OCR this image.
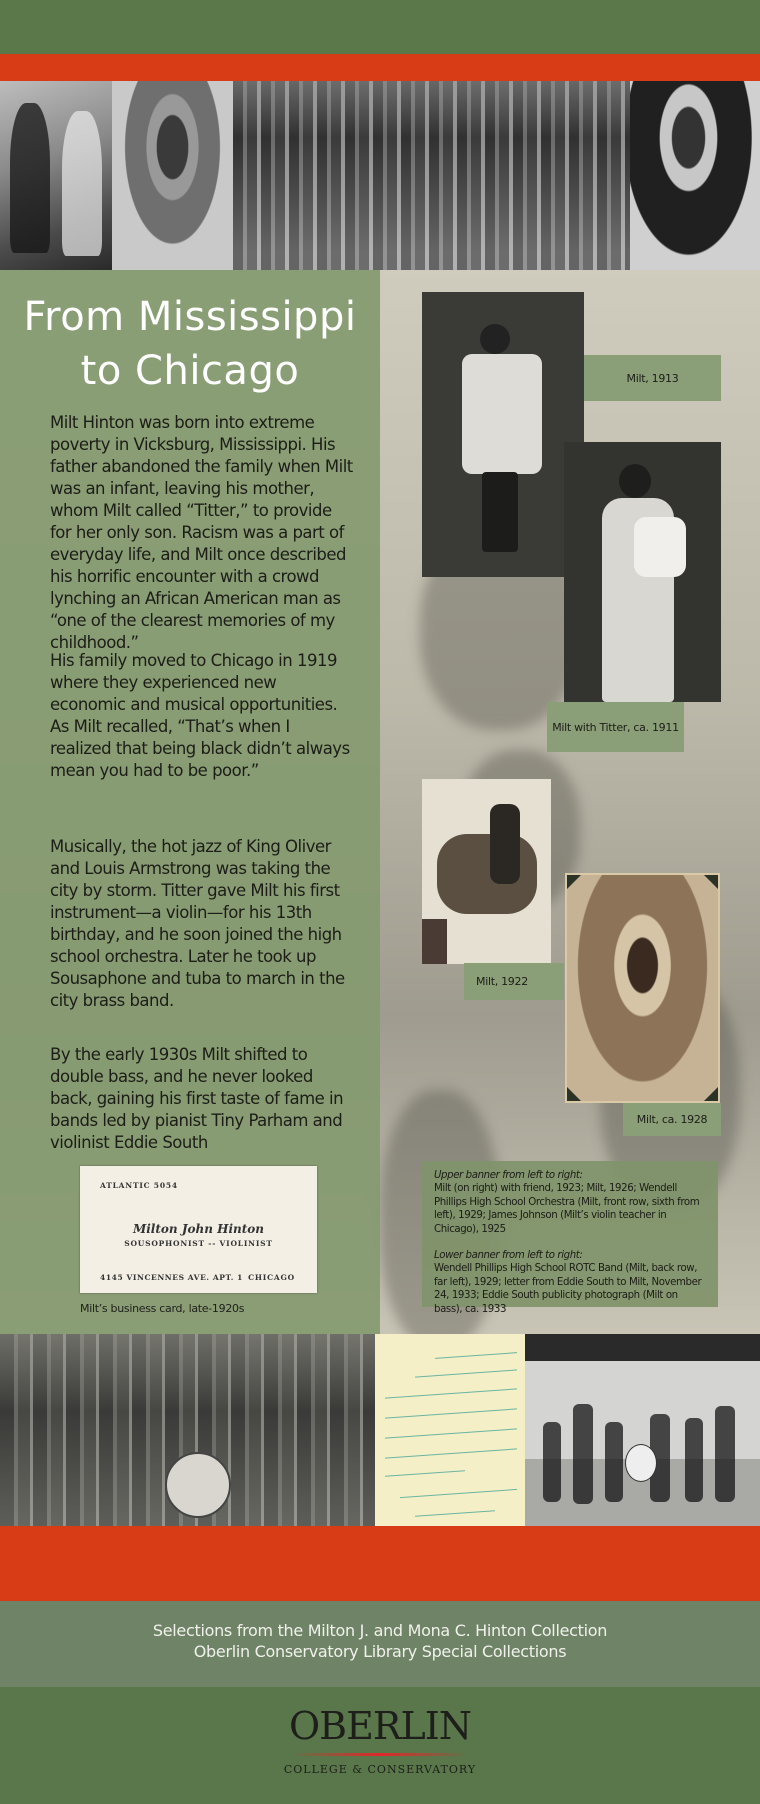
From Mississippi
to Chicago

Milt Hinton was born into extreme poverty in Vicksburg, Mississippi. His father abandoned the family when Milt was an infant, leaving his mother, whom Milt called “Titter,” to provide for her only son. Racism was a part of everyday life, and Milt once described his horrific encounter with a crowd lynching an African American man as “one of the clearest memories of my childhood.”

His family moved to Chicago in 1919 where they experienced new economic and musical opportunities. As Milt recalled, “That’s when I realized that being black didn’t always mean you had to be poor.”

Musically, the hot jazz of King Oliver and Louis Armstrong was taking the city by storm. Titter gave Milt his first instrument—a violin—for his 13th birthday, and he soon joined the high school orchestra. Later he took up Sousaphone and tuba to march in the city brass band.

By the early 1930s Milt shifted to double bass, and he never looked back, gaining his first taste of fame in bands led by pianist Tiny Parham and violinist Eddie South

ATLANTIC 5054
Milton John Hinton
SOUSOPHONIST -- VIOLINIST
4145 VINCENNES AVE. APT. 1 CHICAGO
Milt’s business card, late-1920s
Milt, 1913
Milt with Titter, ca. 1911
Milt, 1922
Milt, ca. 1928
Upper banner from left to right:
Milt (on right) with friend, 1923; Milt, 1926; Wendell Phillips High School Orchestra (Milt, front row, sixth from left), 1929; James Johnson (Milt’s violin teacher in Chicago), 1925
Lower banner from left to right:
Wendell Phillips High School ROTC Band (Milt, back row, far left), 1929; letter from Eddie South to Milt, November 24, 1933; Eddie South publicity photograph (Milt on bass), ca. 1933
Selections from the Milton J. and Mona C. Hinton Collection
Oberlin Conservatory Library Special Collections
OBERLIN
COLLEGE & CONSERVATORY
